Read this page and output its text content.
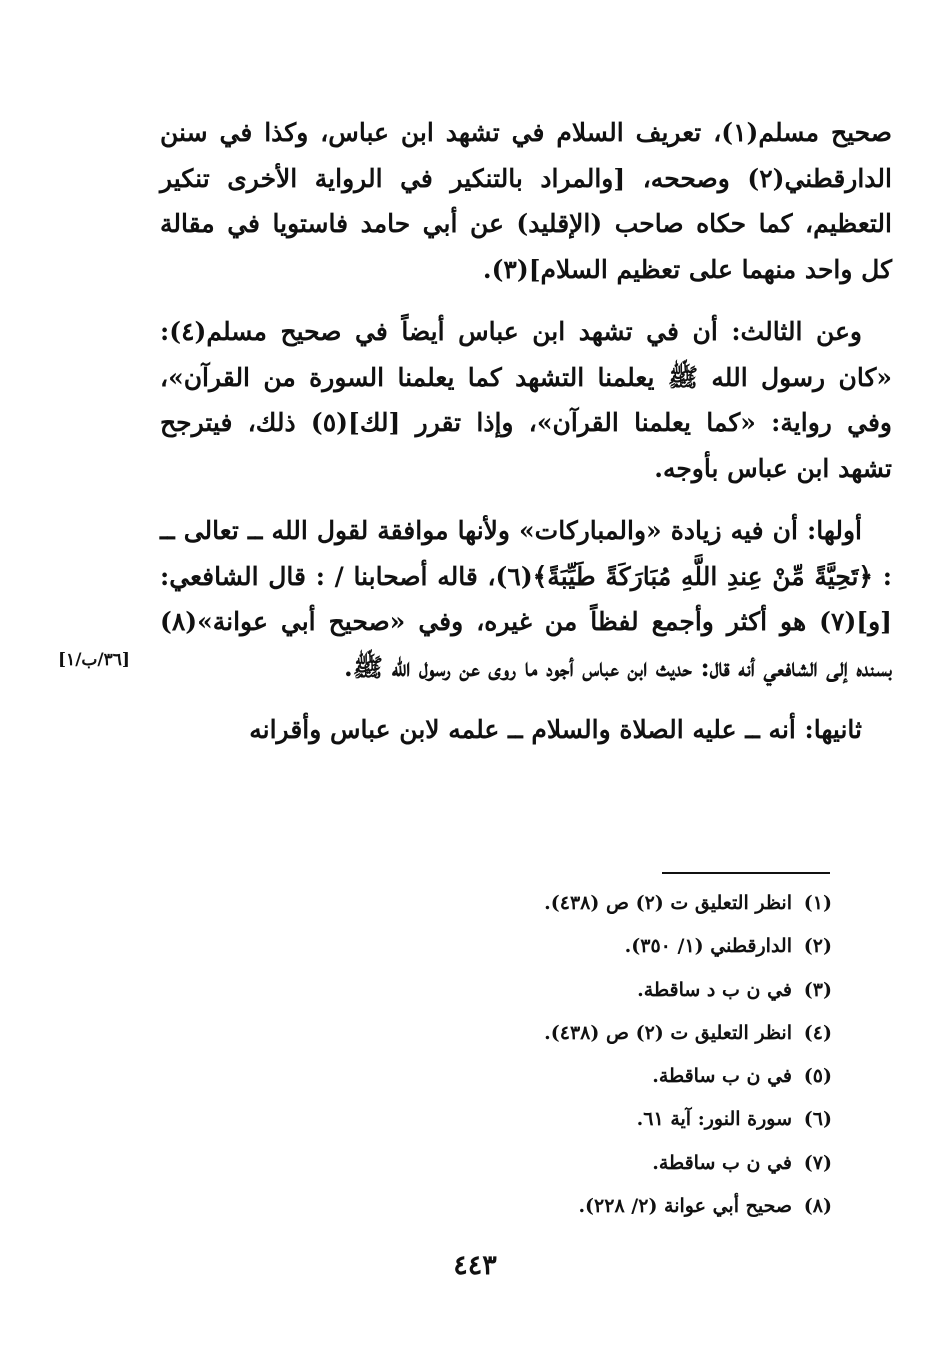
صحيح مسلم(١)، تعريف السلام في تشهد ابن عباس، وكذا في سنن الدارقطني(٢) وصححه، [والمراد بالتنكير في الرواية الأخرى تنكير التعظيم، كما حكاه صاحب (الإقليد) عن أبي حامد فاستويا في مقالة كل واحد منهما على تعظيم السلام](٣).

وعن الثالث: أن في تشهد ابن عباس أيضاً في صحيح مسلم(٤): «كان رسول الله ﷺ يعلمنا التشهد كما يعلمنا السورة من القرآن»، وفي رواية: «كما يعلمنا القرآن»، وإذا تقرر [لك](٥) ذلك، فيترجح تشهد ابن عباس بأوجه.

أولها: أن فيه زيادة «والمباركات» ولأنها موافقة لقول الله ــ تعالى ــ : ﴿تَحِيَّةً مِّنْ عِندِ اللَّهِ مُبَارَكَةً طَيِّبَةً﴾(٦)، قاله أصحابنا / : قال الشافعي: [و](٧) هو أكثر وأجمع لفظاً من غيره، وفي «صحيح أبي عوانة»(٨) بسنده إلى الشافعي أنه قال: حديث ابن عباس أجود ما روى عن رسول الله ﷺ.

ثانيها: أنه ــ عليه الصلاة والسلام ــ علمه لابن عباس وأقرانه

[٣٦/ب/١]
(١)
انظر التعليق ت (٢) ص (٤٣٨).
(٢)
الدارقطني (١/ ٣٥٠).
(٣)
في ن ب د ساقطة.
(٤)
انظر التعليق ت (٢) ص (٤٣٨).
(٥)
في ن ب ساقطة.
(٦)
سورة النور: آية ٦١.
(٧)
في ن ب ساقطة.
(٨)
صحيح أبي عوانة (٢/ ٢٢٨).
٤٤٣
